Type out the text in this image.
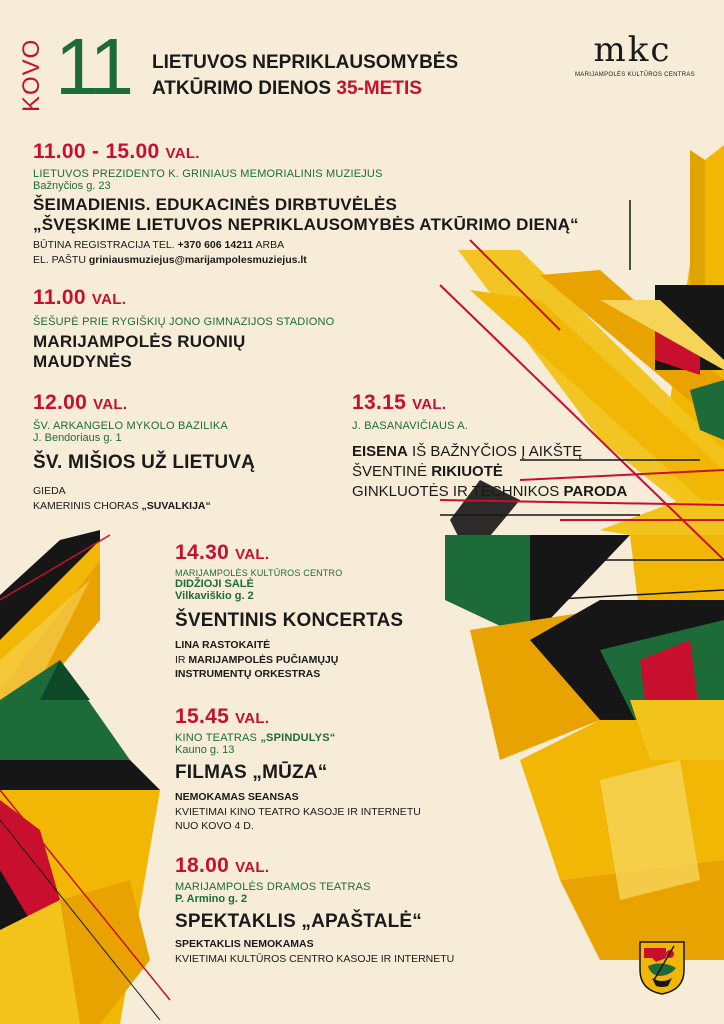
KOVO 11 LIETUVOS NEPRIKLAUSOMYBĖS
ATKŪRIMO DIENOS 35-METIS
mkc
MARIJAMPOLĖS KULTŪROS CENTRAS
11.00 - 15.00 VAL.
LIETUVOS PREZIDENTO K. GRINIAUS MEMORIALINIS MUZIEJUS
Bažnyčios g. 23
ŠEIMADIENIS. EDUKACINĖS DIRBTUVĖLĖS
„ŠVĘSKIME LIETUVOS NEPRIKLAUSOMYBĖS ATKŪRIMO DIENĄ“
BŪTINA REGISTRACIJA TEL. +370 606 14211 ARBA
EL. PAŠTU griniausmuziejus@marijampolesmuziejus.lt
11.00 VAL.
ŠEŠUPĖ PRIE RYGIŠKIŲ JONO GIMNAZIJOS STADIONO
MARIJAMPOLĖS RUONIŲ
MAUDYNĖS
12.00 VAL.
ŠV. ARKANGELO MYKOLO BAZILIKA
J. Bendoriaus g. 1
ŠV. MIŠIOS UŽ LIETUVĄ
GIEDA
KAMERINIS CHORAS „SUVALKIJA“
13.15 VAL.
J. BASANAVIČIAUS A.
EISENA IŠ BAŽNYČIOS Į AIKŠTĘ
ŠVENTINĖ RIKIUOTĖ
GINKLUOTĖS IR TECHNIKOS PARODA
14.30 VAL.
MARIJAMPOLĖS KULTŪROS CENTRO
DIDŽIOJI SALĖ
Vilkaviškio g. 2
ŠVENTINIS KONCERTAS
LINA RASTOKAITĖ
IR MARIJAMPOLĖS PUČIAMŲJŲ
INSTRUMENTŲ ORKESTRAS
15.45 VAL.
KINO TEATRAS „SPINDULYS“
Kauno g. 13
FILMAS „MŪZA“
NEMOKAMAS SEANSAS
KVIETIMAI KINO TEATRO KASOJE IR INTERNETU
NUO KOVO 4 D.
18.00 VAL.
MARIJAMPOLĖS DRAMOS TEATRAS
P. Armino g. 2
SPEKTAKLIS „APAŠTALĖ“
SPEKTAKLIS NEMOKAMAS
KVIETIMAI KULTŪROS CENTRO KASOJE IR INTERNETU
